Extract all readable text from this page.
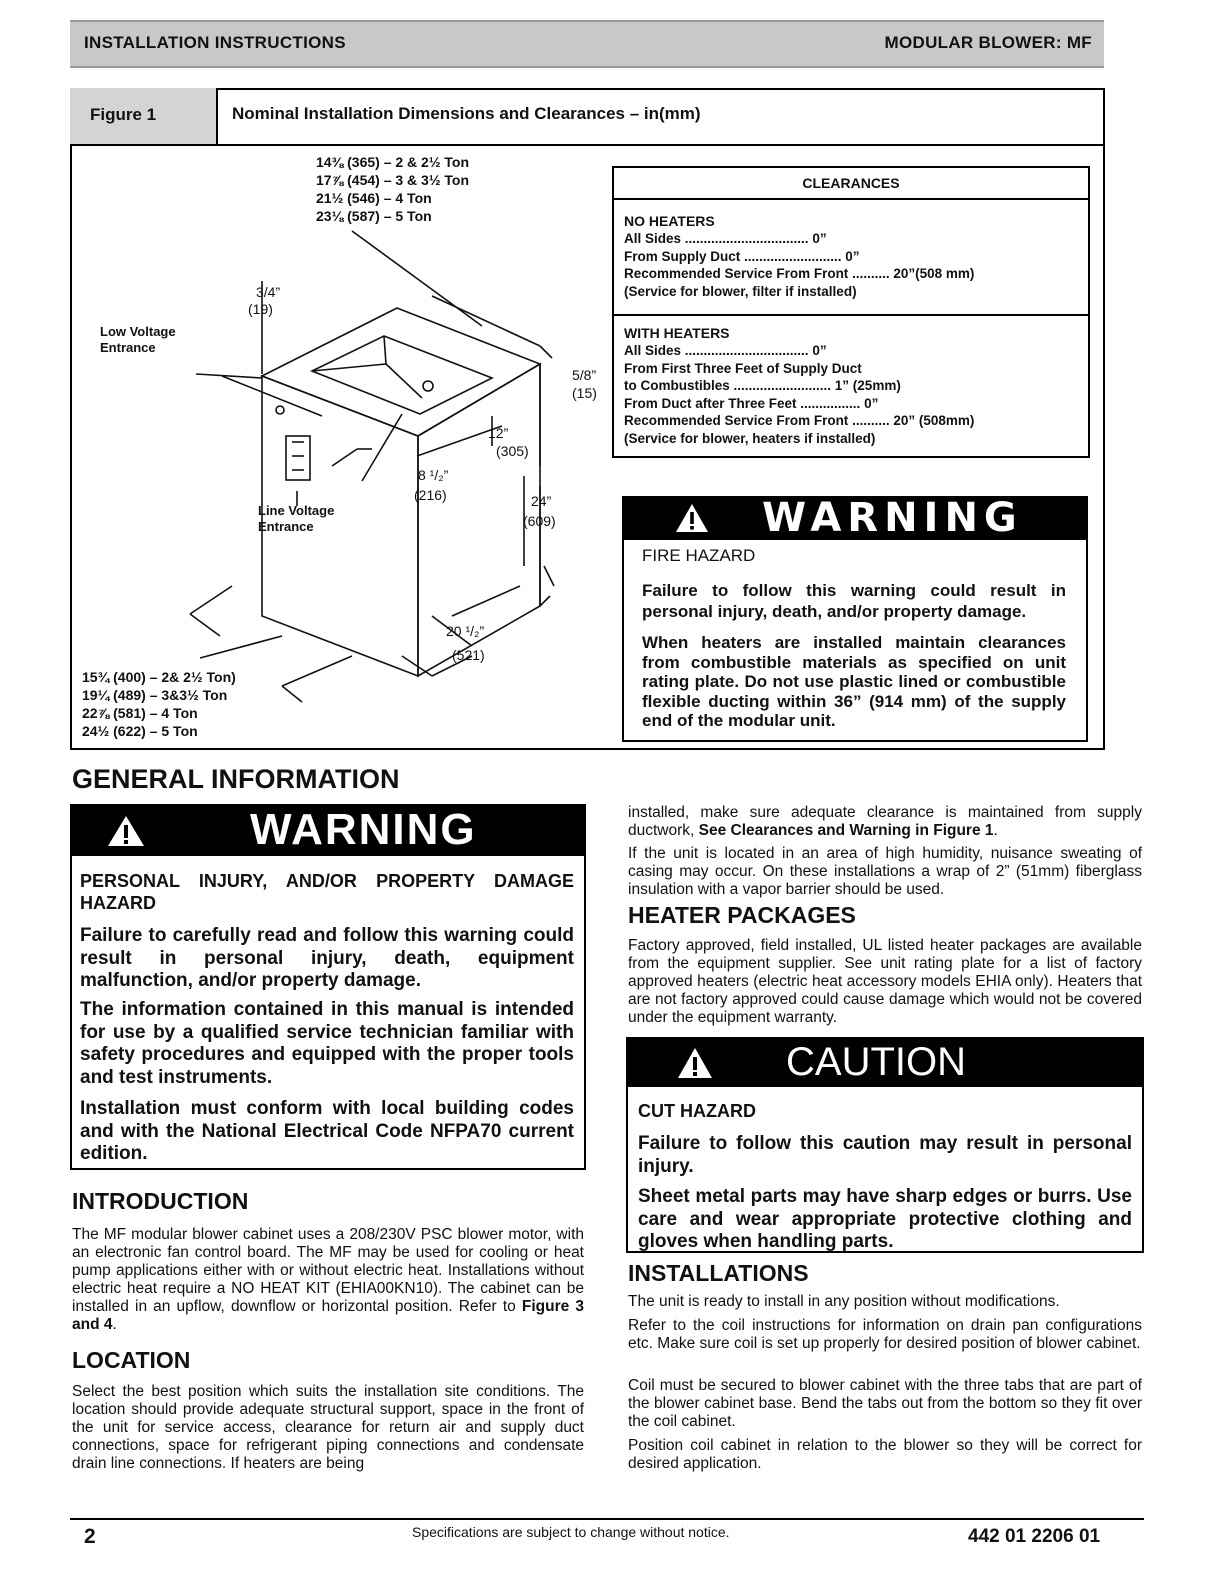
INSTALLATION INSTRUCTIONS	MODULAR BLOWER: MF
Figure 1	Nominal Installation Dimensions and Clearances – in(mm)
14⅜ (365) – 2 & 2½ Ton
17⅞ (454) – 3 & 3½ Ton
21½ (546) – 4 Ton
23⅛ (587) – 5 Ton
15¾ (400) – 2& 2½ Ton)
19¼ (489) – 3&3½ Ton
22⅞ (581) – 4 Ton
24½ (622) – 5 Ton
Low Voltage
Entrance
Line Voltage
Entrance
3/4”
(19)
5/8”
(15)
12”
(305)
8 ¹/₂”
(216)	24”
(609)
20 ¹/₂”
(521)
CLEARANCES
NO HEATERS
All Sides ................................. 0”
From Supply Duct .......................... 0”
Recommended Service From Front .......... 20”(508 mm)
(Service for blower, filter if installed)
WITH HEATERS
All Sides ................................. 0”
From First Three Feet of Supply Duct
to Combustibles .......................... 1” (25mm)
From Duct after Three Feet ................ 0”
Recommended Service From Front .......... 20” (508mm)
(Service for blower, heaters if installed)
WARNING
FIRE HAZARD
Failure to follow this warning could result in personal injury, death, and/or property damage.
When heaters are installed maintain clearances from combustible materials as specified on unit rating plate. Do not use plastic lined or combustible flexible ducting within 36” (914 mm) of the supply end of the modular unit.
GENERAL INFORMATION
WARNING
PERSONAL INJURY, AND/OR PROPERTY DAMAGE HAZARD
Failure to carefully read and follow this warning could result in personal injury, death, equipment malfunction, and/or property damage.
The information contained in this manual is intended for use by a qualified service technician familiar with safety procedures and equipped with the proper tools and test instruments.
Installation must conform with local building codes and with the National Electrical Code NFPA70 current edition.
INTRODUCTION
The MF modular blower cabinet uses a 208/230V PSC blower motor, with an electronic fan control board. The MF may be used for cooling or heat pump applications either with or without electric heat. Installations without electric heat require a NO HEAT KIT (EHIA00KN10). The cabinet can be installed in an upflow, downflow or horizontal position. Refer to Figure 3 and 4.
LOCATION
Select the best position which suits the installation site conditions. The location should provide adequate structural support, space in the front of the unit for service access, clearance for return air and supply duct connections, space for refrigerant piping connections and condensate drain line connections. If heaters are being
installed, make sure adequate clearance is maintained from supply ductwork, See Clearances and Warning in Figure 1.
If the unit is located in an area of high humidity, nuisance sweating of casing may occur. On these installations a wrap of 2” (51mm) fiberglass insulation with a vapor barrier should be used.
HEATER PACKAGES
Factory approved, field installed, UL listed heater packages are available from the equipment supplier. See unit rating plate for a list of factory approved heaters (electric heat accessory models EHIA only). Heaters that are not factory approved could cause damage which would not be covered under the equipment warranty.
CAUTION
CUT HAZARD
Failure to follow this caution may result in personal injury.
Sheet metal parts may have sharp edges or burrs. Use care and wear appropriate protective clothing and gloves when handling parts.
INSTALLATIONS
The unit is ready to install in any position without modifications.
Refer to the coil instructions for information on drain pan configurations etc. Make sure coil is set up properly for desired position of blower cabinet.
Coil must be secured to blower cabinet with the three tabs that are part of the blower cabinet base. Bend the tabs out from the bottom so they fit over the coil cabinet.
Position coil cabinet in relation to the blower so they will be correct for desired application.
2	Specifications are subject to change without notice.	442 01 2206 01
